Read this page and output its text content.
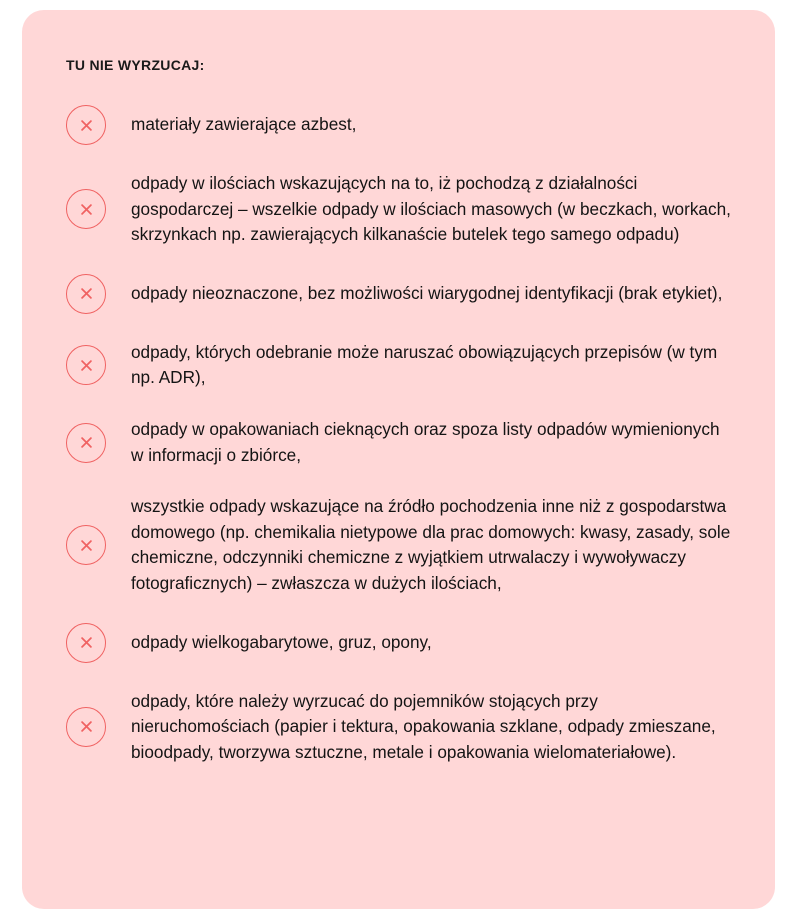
TU NIE WYRZUCAJ:
materiały zawierające azbest,
odpady w ilościach wskazujących na to, iż pochodzą z działalności gospodarczej – wszelkie odpady w ilościach masowych (w beczkach, workach, skrzynkach np. zawierających kilkanaście butelek tego samego odpadu)
odpady nieoznaczone, bez możliwości wiarygodnej identyfikacji (brak etykiet),
odpady, których odebranie może naruszać obowiązujących przepisów (w tym np. ADR),
odpady w opakowaniach cieknących oraz spoza listy odpadów wymienionych w informacji o zbiórce,
wszystkie odpady wskazujące na źródło pochodzenia inne niż z gospodarstwa domowego (np. chemikalia nietypowe dla prac domowych: kwasy, zasady, sole chemiczne, odczynniki chemiczne z wyjątkiem utrwalaczy i wywoływaczy fotograficznych) – zwłaszcza w dużych ilościach,
odpady wielkogabarytowe, gruz, opony,
odpady, które należy wyrzucać do pojemników stojących przy nieruchomościach (papier i tektura, opakowania szklane, odpady zmieszane, bioodpady, tworzywa sztuczne, metale i opakowania wielomateriałowe).
